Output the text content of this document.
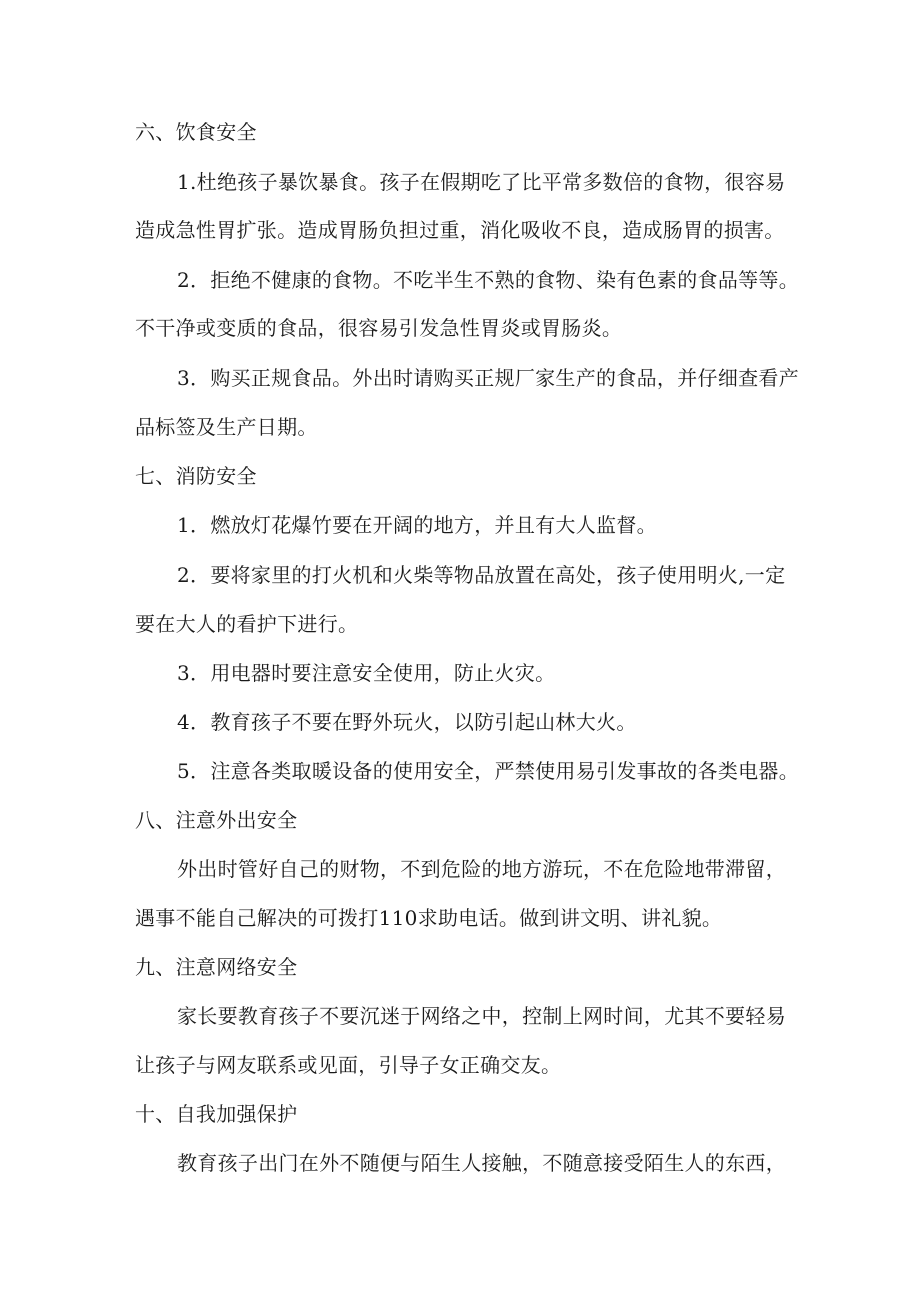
六、饮食安全
1.杜绝孩子暴饮暴食。孩子在假期吃了比平常多数倍的食物，很容易
造成急性胃扩张。造成胃肠负担过重，消化吸收不良，造成肠胃的损害。
2．拒绝不健康的食物。不吃半生不熟的食物、染有色素的食品等等。
不干净或变质的食品，很容易引发急性胃炎或胃肠炎。
3．购买正规食品。外出时请购买正规厂家生产的食品，并仔细查看产
品标签及生产日期。
七、消防安全
1．燃放灯花爆竹要在开阔的地方，并且有大人监督。
2．要将家里的打火机和火柴等物品放置在高处，孩子使用明火,一定
要在大人的看护下进行。
3．用电器时要注意安全使用，防止火灾。
4．教育孩子不要在野外玩火，以防引起山林大火。
5．注意各类取暖设备的使用安全，严禁使用易引发事故的各类电器。
八、注意外出安全
外出时管好自己的财物，不到危险的地方游玩，不在危险地带滞留，
遇事不能自己解决的可拨打110求助电话。做到讲文明、讲礼貌。
九、注意网络安全
家长要教育孩子不要沉迷于网络之中，控制上网时间，尤其不要轻易
让孩子与网友联系或见面，引导子女正确交友。
十、自我加强保护
教育孩子出门在外不随便与陌生人接触，不随意接受陌生人的东西，
